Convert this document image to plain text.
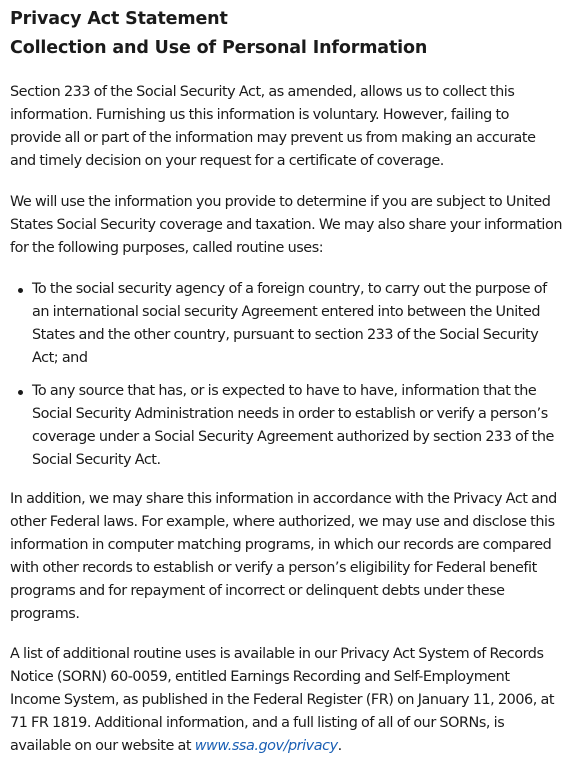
Privacy Act Statement
Collection and Use of Personal Information

Section 233 of the Social Security Act, as amended, allows us to collect this information. Furnishing us this information is voluntary. However, failing to provide all or part of the information may prevent us from making an accurate and timely decision on your request for a certificate of coverage.

We will use the information you provide to determine if you are subject to United States Social Security coverage and taxation. We may also share your information for the following purposes, called routine uses:

To the social security agency of a foreign country, to carry out the purpose of an international social security Agreement entered into between the United States and the other country, pursuant to section 233 of the Social Security Act; and
To any source that has, or is expected to have to have, information that the Social Security Administration needs in order to establish or verify a person’s coverage under a Social Security Agreement authorized by section 233 of the Social Security Act.

In addition, we may share this information in accordance with the Privacy Act and other Federal laws. For example, where authorized, we may use and disclose this information in computer matching programs, in which our records are compared with other records to establish or verify a person’s eligibility for Federal benefit programs and for repayment of incorrect or delinquent debts under these programs.

A list of additional routine uses is available in our Privacy Act System of Records Notice (SORN) 60-0059, entitled Earnings Recording and Self-Employment Income System, as published in the Federal Register (FR) on January 11, 2006, at 71 FR 1819. Additional information, and a full listing of all of our SORNs, is available on our website at www.ssa.gov/privacy.
